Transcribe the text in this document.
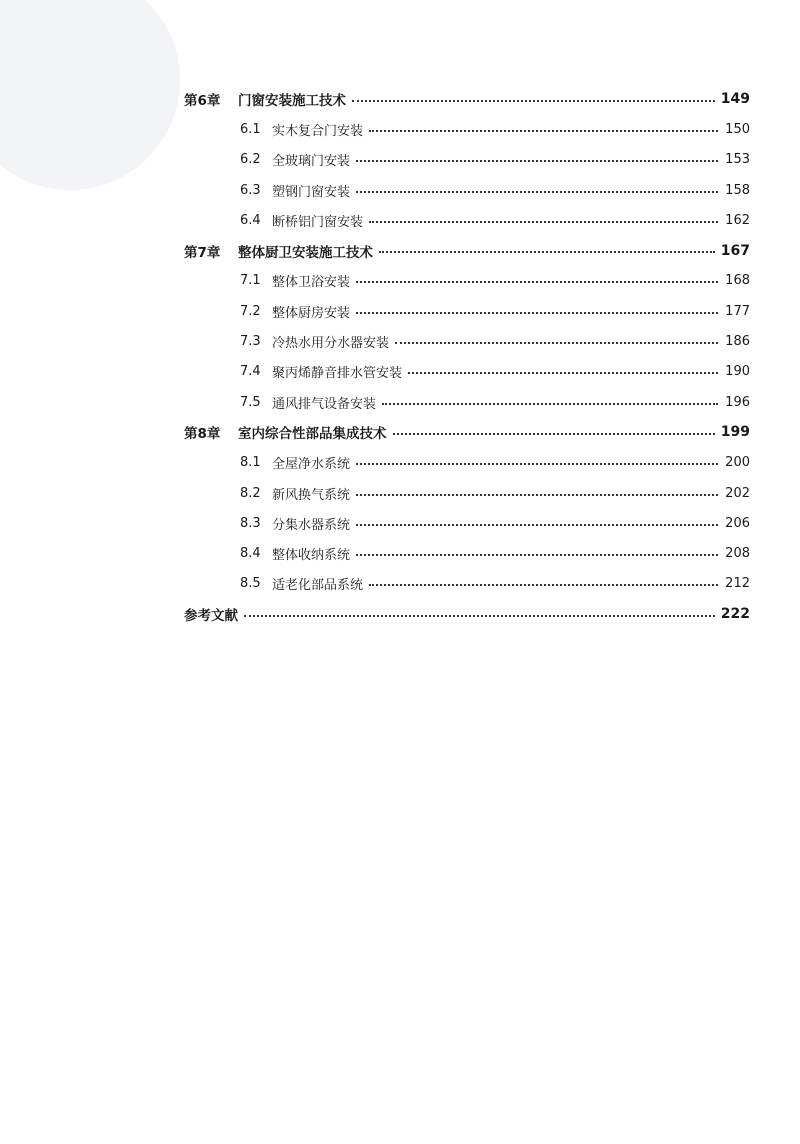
第6章	门窗安装施工技术	149
6.1 实木复合门安装	150
6.2 全玻璃门安装	153
6.3 塑钢门窗安装	158
6.4 断桥铝门窗安装	162
第7章	整体厨卫安装施工技术	167
7.1 整体卫浴安装	168
7.2 整体厨房安装	177
7.3 冷热水用分水器安装	186
7.4 聚丙烯静音排水管安装	190
7.5 通风排气设备安装	196
第8章	室内综合性部品集成技术	199
8.1 全屋净水系统	200
8.2 新风换气系统	202
8.3 分集水器系统	206
8.4 整体收纳系统	208
8.5 适老化部品系统	212
参考文献	222
